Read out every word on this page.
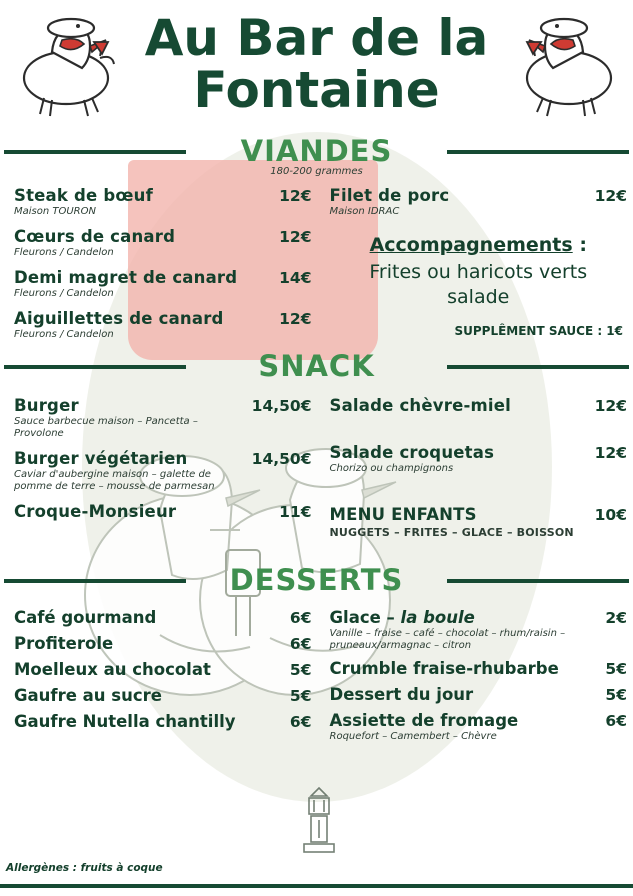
Au Bar de la
Fontaine
VIANDES
180-200 grammes
Steak de bœuf	12€
Maison TOURON
Cœurs de canard	12€
Fleurons / Candelon
Demi magret de canard	14€
Fleurons / Candelon
Aiguillettes de canard	12€
Fleurons / Candelon
Filet de porc	12€
Maison IDRAC
Accompagnements :
Frites ou haricots verts
salade
SUPPLÊMENT SAUCE : 1€
SNACK
Burger	14,50€
Sauce barbecue maison – Pancetta – Provolone
Burger végétarien	14,50€
Caviar d'aubergine maison – galette de pomme de terre – mousse de parmesan
Croque-Monsieur	11€
Salade chèvre-miel	12€
Salade croquetas	12€
Chorizo ou champignons
MENU ENFANTS	10€
NUGGETS – FRITES – GLACE – BOISSON
DESSERTS
Café gourmand	6€
Profiterole	6€
Moelleux au chocolat	5€
Gaufre au sucre	5€
Gaufre Nutella chantilly	6€
Glace – la boule	2€
Vanille – fraise – café – chocolat – rhum/raisin – pruneaux/armagnac – citron
Crumble fraise-rhubarbe	5€
Dessert du jour	5€
Assiette de fromage	6€
Roquefort – Camembert – Chèvre
Allergènes : fruits à coque
